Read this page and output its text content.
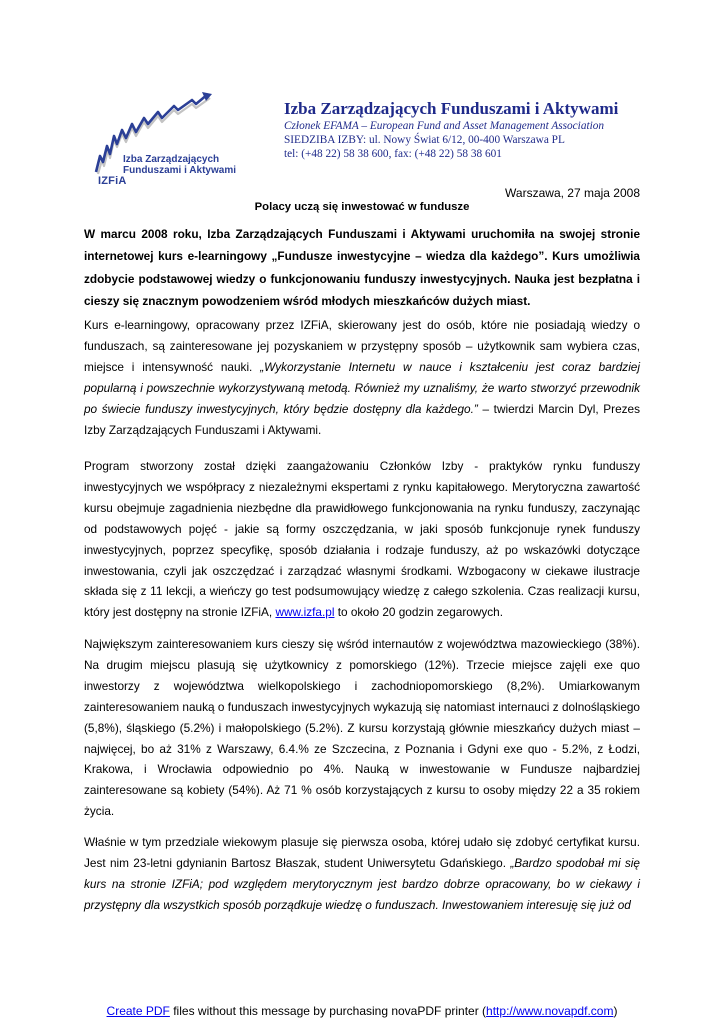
Izba Zarządzających Funduszami i Aktywami
IZFiA
Izba Zarządzających Funduszami i Aktywami
Członek EFAMA – European Fund and Asset Management Association
SIEDZIBA IZBY: ul. Nowy Świat 6/12, 00-400 Warszawa PL
tel: (+48 22) 58 38 600, fax: (+48 22) 58 38 601
Warszawa, 27 maja 2008
Polacy uczą się inwestować w fundusze

W marcu 2008 roku, Izba Zarządzających Funduszami i Aktywami uruchomiła na swojej stronie internetowej kurs e-learningowy „Fundusze inwestycyjne – wiedza dla każdego”. Kurs umożliwia zdobycie podstawowej wiedzy o funkcjonowaniu funduszy inwestycyjnych. Nauka jest bezpłatna i cieszy się znacznym powodzeniem wśród młodych mieszkańców dużych miast.

Kurs e-learningowy, opracowany przez IZFiA, skierowany jest do osób, które nie posiadają wiedzy o funduszach, są zainteresowane jej pozyskaniem w przystępny sposób – użytkownik sam wybiera czas, miejsce i intensywność nauki. „Wykorzystanie Internetu w nauce i kształceniu jest coraz bardziej popularną i powszechnie wykorzystywaną metodą. Również my uznaliśmy, że warto stworzyć przewodnik po świecie funduszy inwestycyjnych, który będzie dostępny dla każdego.” – twierdzi Marcin Dyl, Prezes Izby Zarządzających Funduszami i Aktywami.

Program stworzony został dzięki zaangażowaniu Członków Izby - praktyków rynku funduszy inwestycyjnych we współpracy z niezależnymi ekspertami z rynku kapitałowego. Merytoryczna zawartość kursu obejmuje zagadnienia niezbędne dla prawidłowego funkcjonowania na rynku funduszy, zaczynając od podstawowych pojęć - jakie są formy oszczędzania, w jaki sposób funkcjonuje rynek funduszy inwestycyjnych, poprzez specyfikę, sposób działania i rodzaje funduszy, aż po wskazówki dotyczące inwestowania, czyli jak oszczędzać i zarządzać własnymi środkami. Wzbogacony w ciekawe ilustracje składa się z 11 lekcji, a wieńczy go test podsumowujący wiedzę z całego szkolenia. Czas realizacji kursu, który jest dostępny na stronie IZFiA, www.izfa.pl to około 20 godzin zegarowych.

Największym zainteresowaniem kurs cieszy się wśród internautów z województwa mazowieckiego (38%). Na drugim miejscu plasują się użytkownicy z pomorskiego (12%). Trzecie miejsce zajęli exe quo inwestorzy z województwa wielkopolskiego i zachodniopomorskiego (8,2%). Umiarkowanym zainteresowaniem nauką o funduszach inwestycyjnych wykazują się natomiast internauci z dolnośląskiego (5,8%), śląskiego (5.2%) i małopolskiego (5.2%). Z kursu korzystają głównie mieszkańcy dużych miast – najwięcej, bo aż 31% z Warszawy, 6.4.% ze Szczecina, z Poznania i Gdyni exe quo - 5.2%, z Łodzi, Krakowa, i Wrocławia odpowiednio po 4%. Nauką w inwestowanie w Fundusze najbardziej zainteresowane są kobiety (54%). Aż 71 % osób korzystających z kursu to osoby między 22 a 35 rokiem życia.

Właśnie w tym przedziale wiekowym plasuje się pierwsza osoba, której udało się zdobyć certyfikat kursu. Jest nim 23-letni gdynianin Bartosz Błaszak, student Uniwersytetu Gdańskiego. „Bardzo spodobał mi się kurs na stronie IZFiA; pod względem merytorycznym jest bardzo dobrze opracowany, bo w ciekawy i przystępny dla wszystkich sposób porządkuje wiedzę o funduszach. Inwestowaniem interesuję się już od

Create PDF files without this message by purchasing novaPDF printer (http://www.novapdf.com)
